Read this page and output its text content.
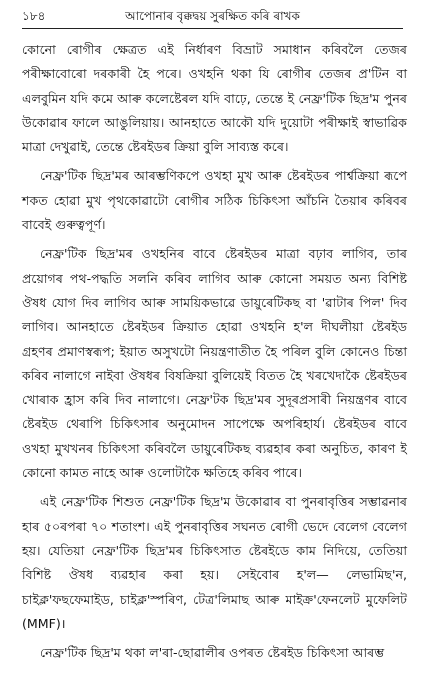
১৮৪	আপোনাৰ বৃক্কদ্বয় সুৰক্ষিত কৰি ৰাখক

কোনো ৰোগীৰ ক্ষেত্ৰত এই নিৰ্ধাৰণ বিভ্ৰাট সমাধান কৰিবলৈ তেজৰ পৰীক্ষাবোৰো দৰকাৰী হৈ পৰে। ওখহনি থকা যি ৰোগীৰ তেজৰ প্ৰ'টিন বা এলবুমিন যদি কমে আৰু কলেষ্টেৰল যদি বাঢ়ে, তেন্তে ই নেফ্ৰ'টিক ছিদ্ৰ'ম পুনৰ উকোৱাৰ ফালে আঙুলিয়ায়। আনহাতে আকৌ যদি দুয়োটা পৰীক্ষাই স্বাভাৱিক মাত্ৰা দেখুৱাই, তেন্তে ষ্টেৰইডৰ ক্ৰিয়া বুলি সাব্যস্ত কৰে।

নেফ্ৰ'টিক ছিদ্ৰ'মৰ আৰম্ভণিকপে ওখহা মুখ আৰু ষ্টেৰইডৰ পাৰ্শ্বক্ৰিয়া ৰূপে শকত হোৱা মুখ পৃথকোৱাটো ৰোগীৰ সঠিক চিকিৎসা আঁচনি তৈয়াৰ কৰিবৰ বাবেই গুৰুত্বপূৰ্ণ।

নেফ্ৰ'টিক ছিদ্ৰ'মৰ ওখহনিৰ বাবে ষ্টেৰইডৰ মাত্ৰা বঢ়াব লাগিব, তাৰ প্ৰয়োগৰ পথ-পদ্ধতি সলনি কৰিব লাগিব আৰু কোনো সময়ত অন্য বিশিষ্ট ঔষধ যোগ দিব লাগিব আৰু সাময়িকভাৱে ডায়ুৰেটিকছ বা 'ৱাটাৰ পিল' দিব লাগিব। আনহাতে ষ্টেৰইডৰ ক্ৰিয়াত হোৱা ওখহনি হ'ল দীঘলীয়া ষ্টেৰইড গ্ৰহণৰ প্ৰমাণস্বৰূপ; ইয়াত অসুখটো নিয়ন্ত্ৰণাতীত হৈ পৰিল বুলি কোনেও চিন্তা কৰিব নালাগে নাইবা ঔষধৰ বিষক্ৰিয়া বুলিয়েই বিতত হৈ খৰখেদাকৈ ষ্টেৰইডৰ খোৰাক হ্ৰাস কৰি দিব নালাগে। নেফ্ৰ'টক ছিদ্ৰ'মৰ সুদূৰপ্ৰসাৰী নিয়ন্ত্ৰণৰ বাবে ষ্টেৰইড থেৰাপি চিকিৎসাৰ অনুমোদন সাপেক্ষে অপৰিহাৰ্য। ষ্টেৰইডৰ বাবে ওখহা মুখখনৰ চিকিৎসা কৰিবলৈ ডায়ুৰেটিকছ ব্যৱহাৰ কৰা অনুচিত, কাৰণ ই কোনো কামত নাহে আৰু ওলোটাকৈ ক্ষতিহে কৰিব পাৰে।

এই নেফ্ৰ'টিক শিশুত নেফ্ৰ'টিক ছিদ্ৰ'ম উকোৱাৰ বা পুনৰাবৃত্তিৰ সম্ভাৱনাৰ হাৰ ৫০ৰপৰা ৭০ শতাংশ। এই পুনৰাবৃত্তিৰ সঘনত ৰোগী ভেদে বেলেগ বেলেগ হয়। যেতিয়া নেফ্ৰ'টিক ছিদ্ৰ'মৰ চিকিৎসাত ষ্টেৰইডে কাম নিদিয়ে, তেতিয়া বিশিষ্ট ঔষধ ব্যৱহাৰ কৰা হয়। সেইবোৰ হ'ল— লেভামিছ'ন, চাইক্ল'ফছফেমাইড, চাইক্ল'স্পৰিণ, টেত্ৰ'লিমাছ আৰু মাইক্ৰ'ফেনলেট মুফেলিট (MMF)।

নেফ্ৰ'টিক ছিদ্ৰ'ম থকা ল'ৰা-ছোৱালীৰ ওপৰত ষ্টেৰইড চিকিৎসা আৰম্ভ
